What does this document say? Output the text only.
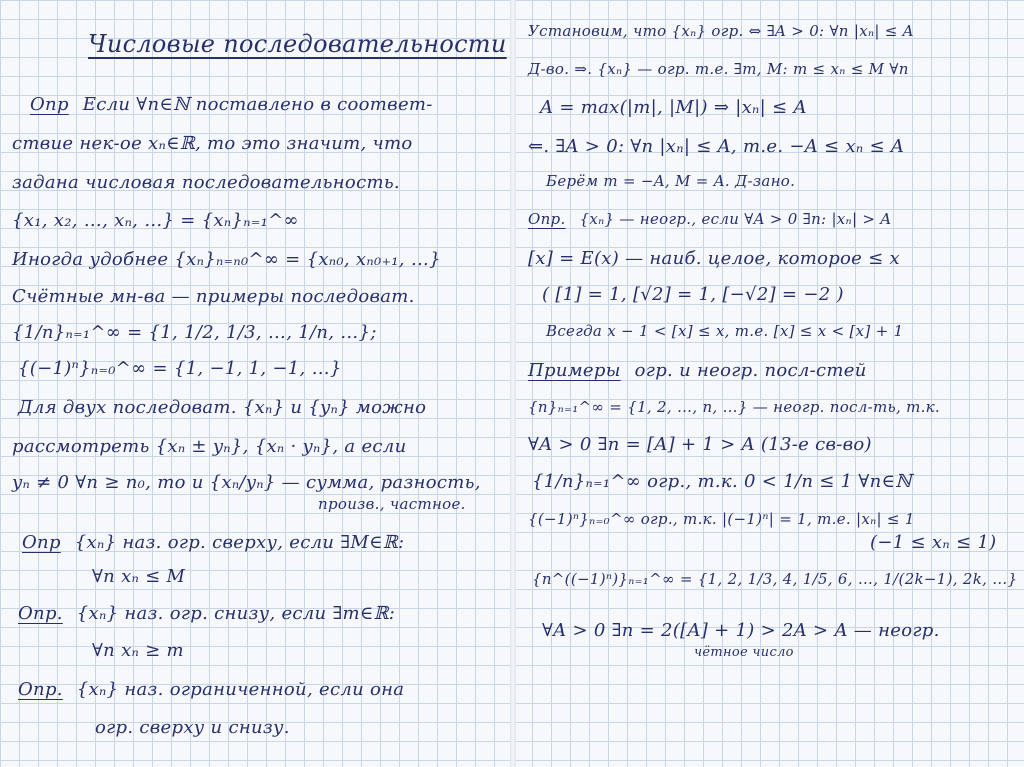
Числовые последовательности
Опр Если ∀n∈ℕ поставлено в соответ-
ствие нек-ое xₙ∈ℝ, то это значит, что
задана числовая последовательность.
{x₁, x₂, …, xₙ, …} = {xₙ}ₙ₌₁^∞
Иногда удобнее {xₙ}ₙ₌ₙ₀^∞ = {xₙ₀, xₙ₀₊₁, …}
Счётные мн-ва — примеры последоват.
{1/n}ₙ₌₁^∞ = {1, 1/2, 1/3, …, 1/n, …};
{(−1)ⁿ}ₙ₌₀^∞ = {1, −1, 1, −1, …}
Для двух последоват. {xₙ} и {yₙ} можно
рассмотреть {xₙ ± yₙ}, {xₙ · yₙ}, а если
yₙ ≠ 0 ∀n ≥ n₀, то и {xₙ/yₙ} — сумма, разность,
произв., частное.
Опр {xₙ} наз. огр. сверху, если ∃M∈ℝ:
∀n xₙ ≤ M
Опр. {xₙ} наз. огр. снизу, если ∃m∈ℝ:
∀n xₙ ≥ m
Опр. {xₙ} наз. ограниченной, если она
огр. сверху и снизу.
Установим, что {xₙ} огр. ⇔ ∃A > 0: ∀n |xₙ| ≤ A
Д-во. ⇒. {xₙ} — огр. т.е. ∃m, M: m ≤ xₙ ≤ M ∀n
A = max(|m|, |M|) ⇒ |xₙ| ≤ A
⇐. ∃A > 0: ∀n |xₙ| ≤ A, т.е. −A ≤ xₙ ≤ A
Берём m = −A, M = A. Д-зано.
Опр. {xₙ} — неогр., если ∀A > 0 ∃n: |xₙ| > A
[x] = E(x) — наиб. целое, которое ≤ x
( [1] = 1, [√2] = 1, [−√2] = −2 )
Всегда x − 1 < [x] ≤ x, т.е. [x] ≤ x < [x] + 1
Примеры огр. и неогр. посл-стей
{n}ₙ₌₁^∞ = {1, 2, …, n, …} — неогр. посл-ть, т.к.
∀A > 0 ∃n = [A] + 1 > A (13-е св-во)
{1/n}ₙ₌₁^∞ огр., т.к. 0 < 1/n ≤ 1 ∀n∈ℕ
{(−1)ⁿ}ₙ₌₀^∞ огр., т.к. |(−1)ⁿ| = 1, т.е. |xₙ| ≤ 1
(−1 ≤ xₙ ≤ 1)
{n^((−1)ⁿ)}ₙ₌₁^∞ = {1, 2, 1/3, 4, 1/5, 6, …, 1/(2k−1), 2k, …}
∀A > 0 ∃n = 2([A] + 1) > 2A > A — неогр.
чётное число
